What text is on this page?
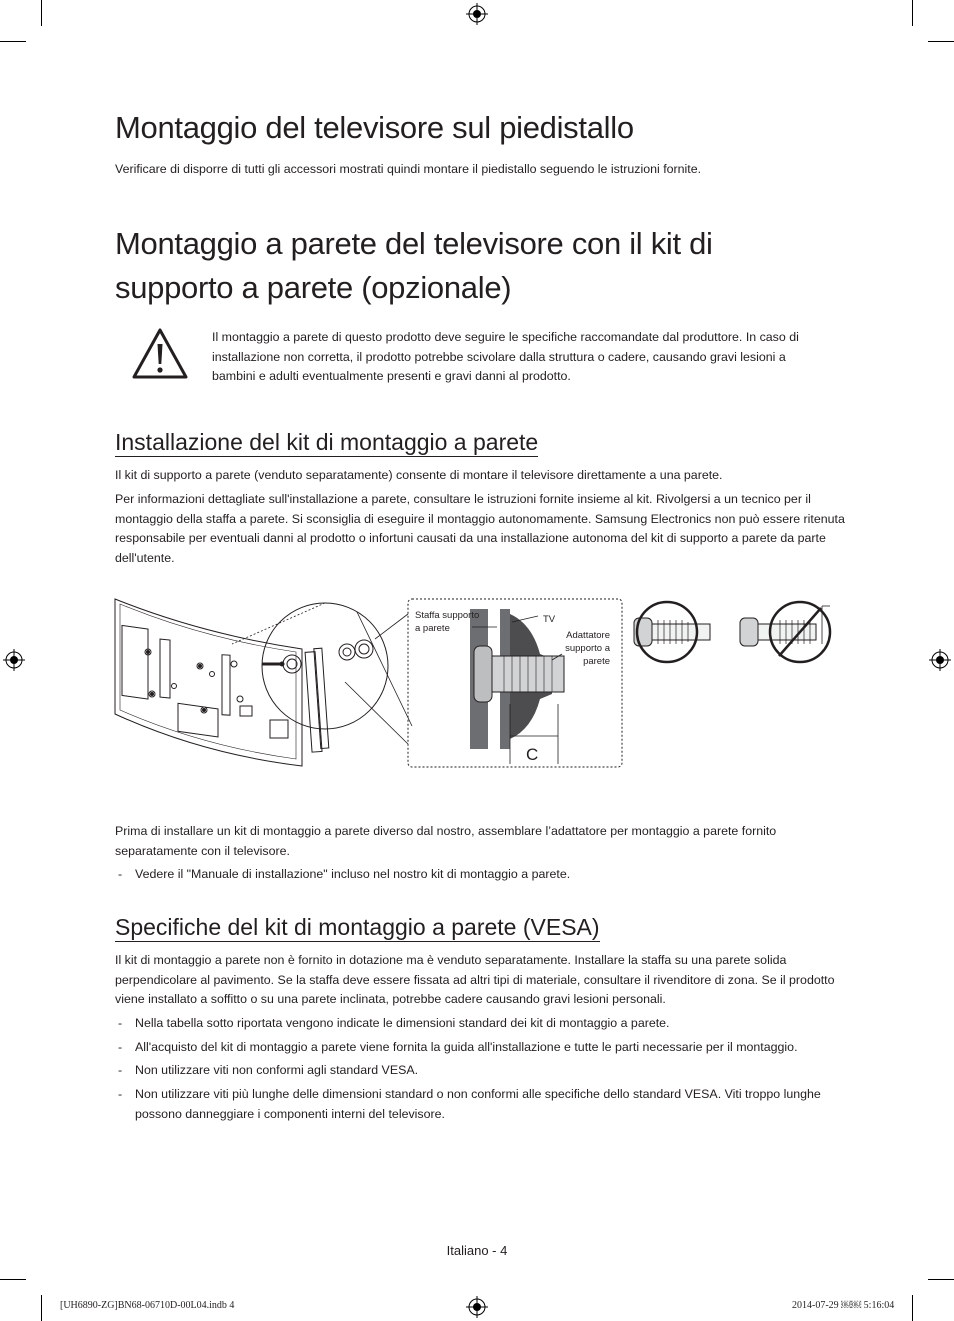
Montaggio del televisore sul piedistallo

Verificare di disporre di tutti gli accessori mostrati quindi montare il piedistallo seguendo le istruzioni fornite.

Montaggio a parete del televisore con il kit di
supporto a parete (opzionale)

Il montaggio a parete di questo prodotto deve seguire le specifiche raccomandate dal produttore. In caso di installazione non corretta, il prodotto potrebbe scivolare dalla struttura o cadere, causando gravi lesioni a bambini e adulti eventualmente presenti e gravi danni al prodotto.

Installazione del kit di montaggio a parete

Il kit di supporto a parete (venduto separatamente) consente di montare il televisore direttamente a una parete.

Per informazioni dettagliate sull'installazione a parete, consultare le istruzioni fornite insieme al kit. Rivolgersi a un tecnico per il montaggio della staffa a parete. Si sconsiglia di eseguire il montaggio autonomamente. Samsung Electronics non può essere ritenuta responsabile per eventuali danni al prodotto o infortuni causati da una installazione autonoma del kit di supporto a parete da parte dell'utente.

Staffa supporto
a parete
TV
Adattatore
supporto a
parete
C

Prima di installare un kit di montaggio a parete diverso dal nostro, assemblare l’adattatore per montaggio a parete fornito separatamente con il televisore.

- Vedere il "Manuale di installazione" incluso nel nostro kit di montaggio a parete.
Specifiche del kit di montaggio a parete (VESA)

Il kit di montaggio a parete non è fornito in dotazione ma è venduto separatamente. Installare la staffa su una parete solida perpendicolare al pavimento. Se la staffa deve essere fissata ad altri tipi di materiale, consultare il rivenditore di zona. Se il prodotto viene installato a soffitto o su una parete inclinata, potrebbe cadere causando gravi lesioni personali.

- Nella tabella sotto riportata vengono indicate le dimensioni standard dei kit di montaggio a parete.
- All'acquisto del kit di montaggio a parete viene fornita la guida all'installazione e tutte le parti necessarie per il montaggio.
- Non utilizzare viti non conformi agli standard VESA.
- Non utilizzare viti più lunghe delle dimensioni standard o non conformi alle specifiche dello standard VESA. Viti troppo lunghe possono danneggiare i componenti interni del televisore.
Italiano - 4
[UH6890-ZG]BN68-06710D-00L04.indb 4	2014-07-29 ￼￼ 5:16:04
